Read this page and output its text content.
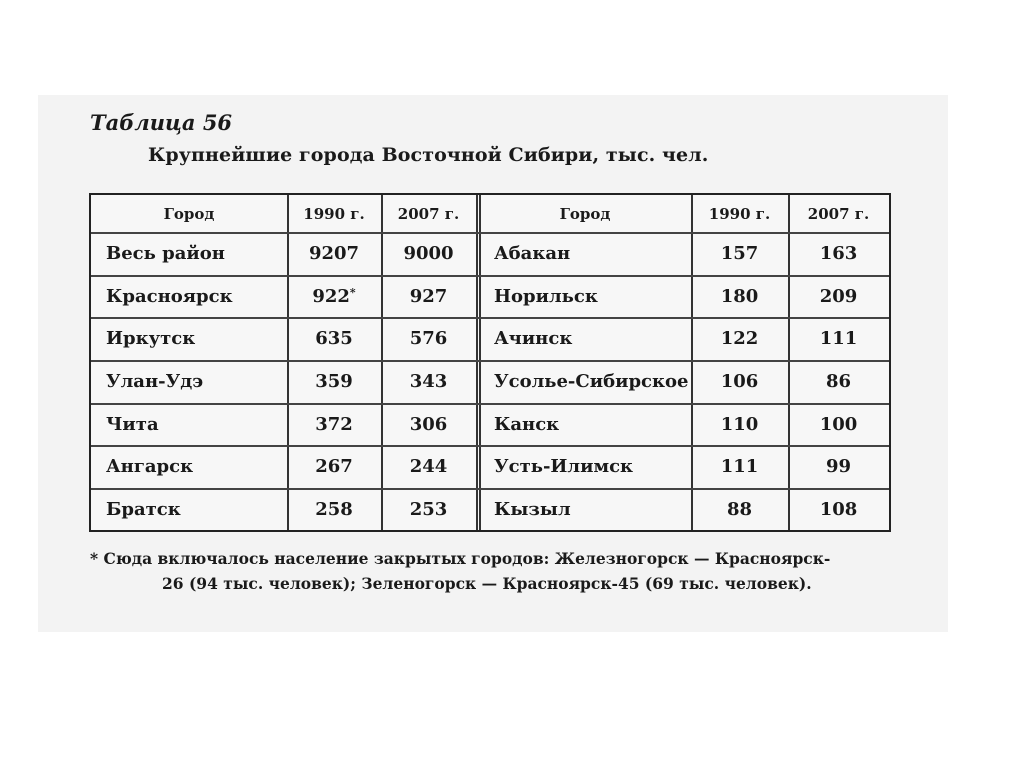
Таблица 56
Крупнейшие города Восточной Сибири, тыс. чел.
Город	1990 г.	2007 г.	Город	1990 г.	2007 г.
Весь район	9207	9000	Абакан	157	163
Красноярск	922 *	927	Норильск	180	209
Иркутск	635	576	Ачинск	122	111
Улан-Удэ	359	343	Усолье-Сибирское	106	86
Чита	372	306	Канск	110	100
Ангарск	267	244	Усть-Илимск	111	99
Братск	258	253	Кызыл	88	108
* Сюда включалось население закрытых городов: Железногорск — Красноярск-
26 (94 тыс. человек); Зеленогорск — Красноярск-45 (69 тыс. человек).
